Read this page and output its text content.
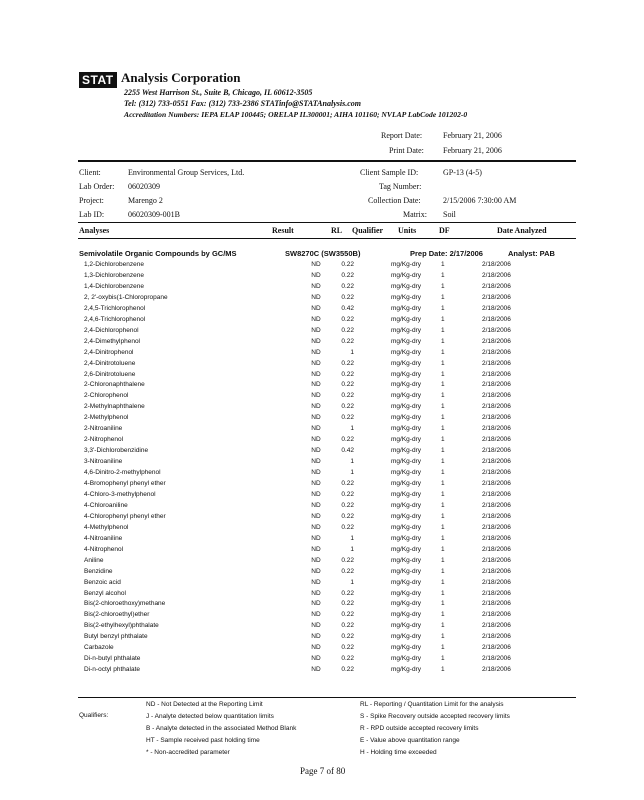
STAT Analysis Corporation
2255 West Harrison St., Suite B, Chicago, IL 60612-3505
Tel: (312) 733-0551 Fax: (312) 733-2386 STATinfo@STATAnalysis.com
Accreditation Numbers: IEPA ELAP 100445; ORELAP IL300001; AIHA 101160; NVLAP LabCode 101202-0
Report Date:	February 21, 2006
Print Date: February 21, 2006
Client:	Environmental Group Services, Ltd.
Lab Order: 06020309
Project:	Marengo 2
Lab ID:	06020309-001B
Client Sample ID:	GP-13 (4-5)
Tag Number:
Collection Date:	2/15/2006 7:30:00 AM
Matrix: Soil
Analyses	Result	RL Qualifier Units	DF	Date Analyzed
Semivolatile Organic Compounds by GC/MS	SW8270C (SW3550B)	Prep Date: 2/17/2006	Analyst: PAB
1,2-Dichlorobenzene	ND	0.22	mg/Kg-dry	1	2/18/2006
1,3-Dichlorobenzene	ND	0.22	mg/Kg-dry	1	2/18/2006
1,4-Dichlorobenzene	ND	0.22	mg/Kg-dry	1	2/18/2006
2, 2'-oxybis(1-Chloropropane	ND	0.22	mg/Kg-dry	1	2/18/2006
2,4,5-Trichlorophenol	ND	0.42	mg/Kg-dry	1	2/18/2006
2,4,6-Trichlorophenol	ND	0.22	mg/Kg-dry	1	2/18/2006
2,4-Dichlorophenol	ND	0.22	mg/Kg-dry	1	2/18/2006
2,4-Dimethylphenol	ND	0.22	mg/Kg-dry	1	2/18/2006
2,4-Dinitrophenol	ND	1	mg/Kg-dry	1	2/18/2006
2,4-Dinitrotoluene	ND	0.22	mg/Kg-dry	1	2/18/2006
2,6-Dinitrotoluene	ND	0.22	mg/Kg-dry	1	2/18/2006
2-Chloronaphthalene	ND	0.22	mg/Kg-dry	1	2/18/2006
2-Chlorophenol	ND	0.22	mg/Kg-dry	1	2/18/2006
2-Methylnaphthalene	ND	0.22	mg/Kg-dry	1	2/18/2006
2-Methylphenol	ND	0.22	mg/Kg-dry	1	2/18/2006
2-Nitroaniline	ND	1	mg/Kg-dry	1	2/18/2006
2-Nitrophenol	ND	0.22	mg/Kg-dry	1	2/18/2006
3,3'-Dichlorobenzidine	ND	0.42	mg/Kg-dry	1	2/18/2006
3-Nitroaniline	ND	1	mg/Kg-dry	1	2/18/2006
4,6-Dinitro-2-methylphenol	ND	1	mg/Kg-dry	1	2/18/2006
4-Bromophenyl phenyl ether	ND	0.22	mg/Kg-dry	1	2/18/2006
4-Chloro-3-methylphenol	ND	0.22	mg/Kg-dry	1	2/18/2006
4-Chloroaniline	ND	0.22	mg/Kg-dry	1	2/18/2006
4-Chlorophenyl phenyl ether	ND	0.22	mg/Kg-dry	1	2/18/2006
4-Methylphenol	ND	0.22	mg/Kg-dry	1	2/18/2006
4-Nitroaniline	ND	1	mg/Kg-dry	1	2/18/2006
4-Nitrophenol	ND	1	mg/Kg-dry	1	2/18/2006
Aniline	ND	0.22	mg/Kg-dry	1	2/18/2006
Benzidine	ND	0.22	mg/Kg-dry	1	2/18/2006
Benzoic acid	ND	1	mg/Kg-dry	1	2/18/2006
Benzyl alcohol	ND	0.22	mg/Kg-dry	1	2/18/2006
Bis(2-chloroethoxy)methane	ND	0.22	mg/Kg-dry	1	2/18/2006
Bis(2-chloroethyl)ether	ND	0.22	mg/Kg-dry	1	2/18/2006
Bis(2-ethylhexyl)phthalate	ND	0.22	mg/Kg-dry	1	2/18/2006
Butyl benzyl phthalate	ND	0.22	mg/Kg-dry	1	2/18/2006
Carbazole	ND	0.22	mg/Kg-dry	1	2/18/2006
Di-n-butyl phthalate	ND	0.22	mg/Kg-dry	1	2/18/2006
Di-n-octyl phthalate	ND	0.22	mg/Kg-dry	1	2/18/2006
Qualifiers:
ND - Not Detected at the Reporting Limit
J - Analyte detected below quantitation limits
B - Analyte detected in the associated Method Blank
HT - Sample received past holding time
* - Non-accredited parameter
RL - Reporting / Quantitation Limit for the analysis
S - Spike Recovery outside accepted recovery limits
R - RPD outside accepted recovery limits
E - Value above quantitation range
H - Holding time exceeded
Page 7 of 80
